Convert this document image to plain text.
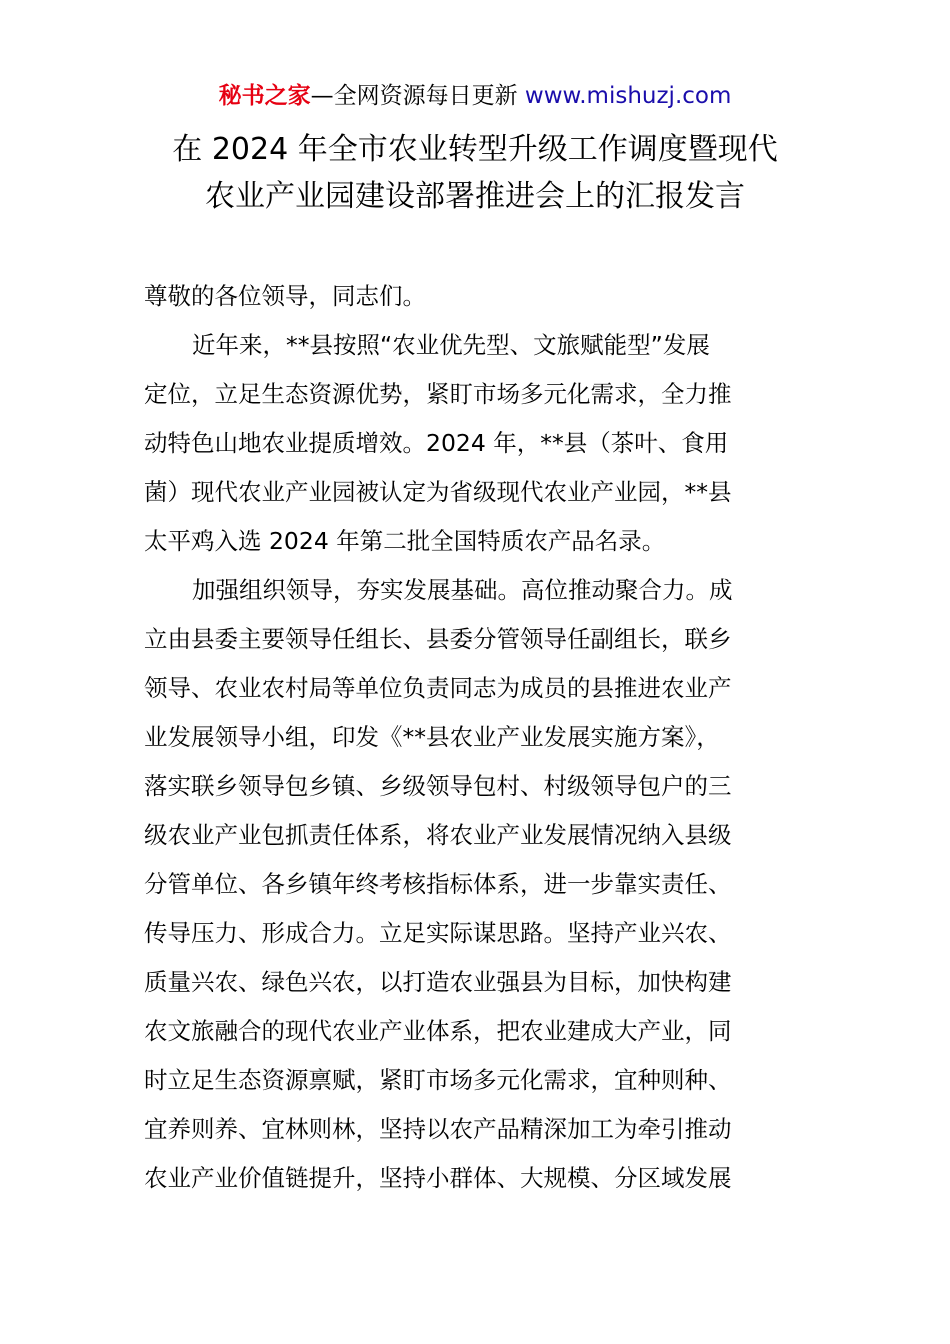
秘书之家—全网资源每日更新 www.mishuzj.com
在 2024 年全市农业转型升级工作调度暨现代
农业产业园建设部署推进会上的汇报发言
尊敬的各位领导，同志们。
近年来，**县按照“农业优先型、文旅赋能型”发展
定位，立足生态资源优势，紧盯市场多元化需求，全力推
动特色山地农业提质增效。2024 年，**县（茶叶、食用
菌）现代农业产业园被认定为省级现代农业产业园，**县
太平鸡入选 2024 年第二批全国特质农产品名录。
加强组织领导，夯实发展基础。高位推动聚合力。成
立由县委主要领导任组长、县委分管领导任副组长，联乡
领导、农业农村局等单位负责同志为成员的县推进农业产
业发展领导小组，印发《**县农业产业发展实施方案》，
落实联乡领导包乡镇、乡级领导包村、村级领导包户的三
级农业产业包抓责任体系，将农业产业发展情况纳入县级
分管单位、各乡镇年终考核指标体系，进一步靠实责任、
传导压力、形成合力。立足实际谋思路。坚持产业兴农、
质量兴农、绿色兴农，以打造农业强县为目标，加快构建
农文旅融合的现代农业产业体系，把农业建成大产业，同
时立足生态资源禀赋，紧盯市场多元化需求，宜种则种、
宜养则养、宜林则林，坚持以农产品精深加工为牵引推动
农业产业价值链提升，坚持小群体、大规模、分区域发展
